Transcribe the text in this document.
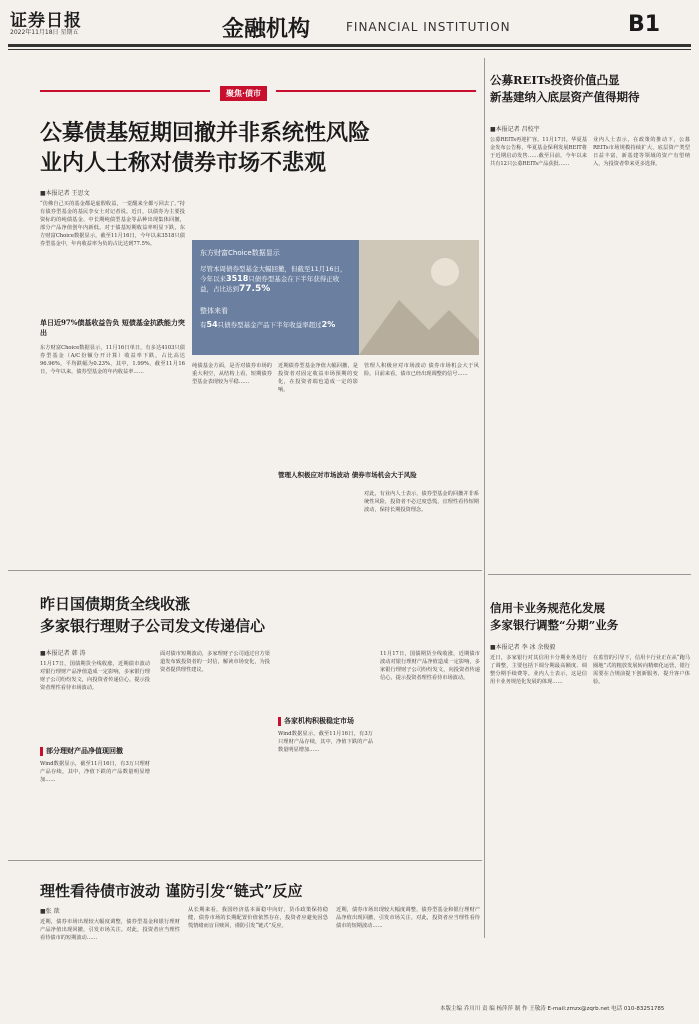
证券日报
2022年11月18日 星期五	金融机构	FINANCIAL INSTITUTION	B1
聚焦·债市
公募债基短期回撤并非系统性风险
业内人士称对债券市场不悲观
■本报记者 王思文
“仿佛自己买的基金都是虚假收益，一觉醒来全都亏回去了。”持有债券型基金的基民李女士对记者说。近日，以债券为主要投资标的的纯债基金、中长期纯债型基金等品种出现集体回撤，部分产品净值创年内新低。对于债基短期收益率明显下跌，东方财富Choice数据显示，截至11月16日，今年以来3518只债券型基金中，年内收益率为负的占比达到77.5%。
单日近97%债基收益告负 短债基金抗跌能力突出
东方财富Choice数据显示，11月16日单日，有多达4103只债券型基金（A/C份额分开计算）收益率下跌，占比高达96.96%，平均跌幅为0.23%，其中，1.99%，截至11月16日，今年以来，债券型基金的年内收益率……
纯债基金方面，是否对债券市场的重大利空，从结构上看，短期债券型基金表现较为平稳……
近期债券型基金净值大幅回撤，是投资者对固定收益市场预期的变化，在投资者端也造成一定的影响。
管理人积极应对市场波动 债券市场机会大于风险。目前来看，债市已经出现调整的信号……
东方财富Choice数据显示
尽管本周债券型基金大幅回撤，但截至11月16日，今年以来3518只债券型基金在下半年获得正收益，占比达到77.5%
整体来看
有54只债券型基金产品下半年收益率超过2%
管理人积极应对市场波动 债券市场机会大于风险
对此，有业内人士表示，债券型基金的回撤并非系统性风险，投资者不必过度恐慌，宜理性看待短期波动，保持长期投资理念。
公募REITs投资价值凸显
新基建纳入底层资产值得期待
■本报记者 昌校宇
公募REITs再迎扩容。11月17日，华夏基金发布公告称，华夏基金保利发展REIT将于近期启动发售……截至目前，今年以来共有12只公募REITs产品获批……
业内人士表示，在政策的推动下，公募REITs市场规模持续扩大，底层资产类型日益丰富，新基建等领域的资产有望纳入，为投资者带来更多选择。
昨日国债期货全线收涨
多家银行理财子公司发文传递信心
■本报记者 韩 涛
11月17日，国债期货全线收涨，近期债市波动对银行理财产品净值造成一定影响，多家银行理财子公司纷纷发文，向投资者传递信心，提示投资者理性看待市场波动。
部分理财产品净值现回撤
Wind数据显示，截至11月16日，有3万只理财产品存续，其中，净值下跌的产品数量明显增加……
各家机构积极稳定市场
面对债市短期波动，多家理财子公司通过官方渠道发布致投资者的一封信，解读市场变化，为投资者提供理性建议。
Wind数据显示，截至11月16日，有3万只理财产品存续，其中，净值下跌的产品数量明显增加……
11月17日，国债期货全线收涨，近期债市波动对银行理财产品净值造成一定影响，多家银行理财子公司纷纷发文，向投资者传递信心，提示投资者理性看待市场波动。
信用卡业务规范化发展
多家银行调整“分期”业务
■本报记者 李 冰 余俊毅
近日，多家银行对其信用卡分期业务进行了调整，主要包括下调分期最高额度、调整分期手续费等。业内人士表示，这是信用卡业务规范化发展的体现……
在监管的引导下，信用卡行业正在从“跑马圈地”式的粗放发展转向精细化运营，银行需要在合规前提下创新服务，提升客户体验。
理性看待债市波动 谨防引发“链式”反应
■张 歆
近期，债券市场出现较大幅度调整，债券型基金和银行理财产品净值出现回撤，引发市场关注。对此，投资者应当理性看待债市的短期波动……
从长期来看，我国经济基本面稳中向好，货币政策保持稳健，债券市场的长期配置价值依然存在，投资者应避免因恐慌情绪而盲目赎回，谨防引发“链式”反应。
近期，债券市场出现较大幅度调整，债券型基金和银行理财产品净值出现回撤，引发市场关注。对此，投资者应当理性看待债市的短期波动……
本版主编 乔川川 责 编 杨萍萍 制 作 王敬涛 E-mail:zmzx@zqrb.net 电话 010-83251785
